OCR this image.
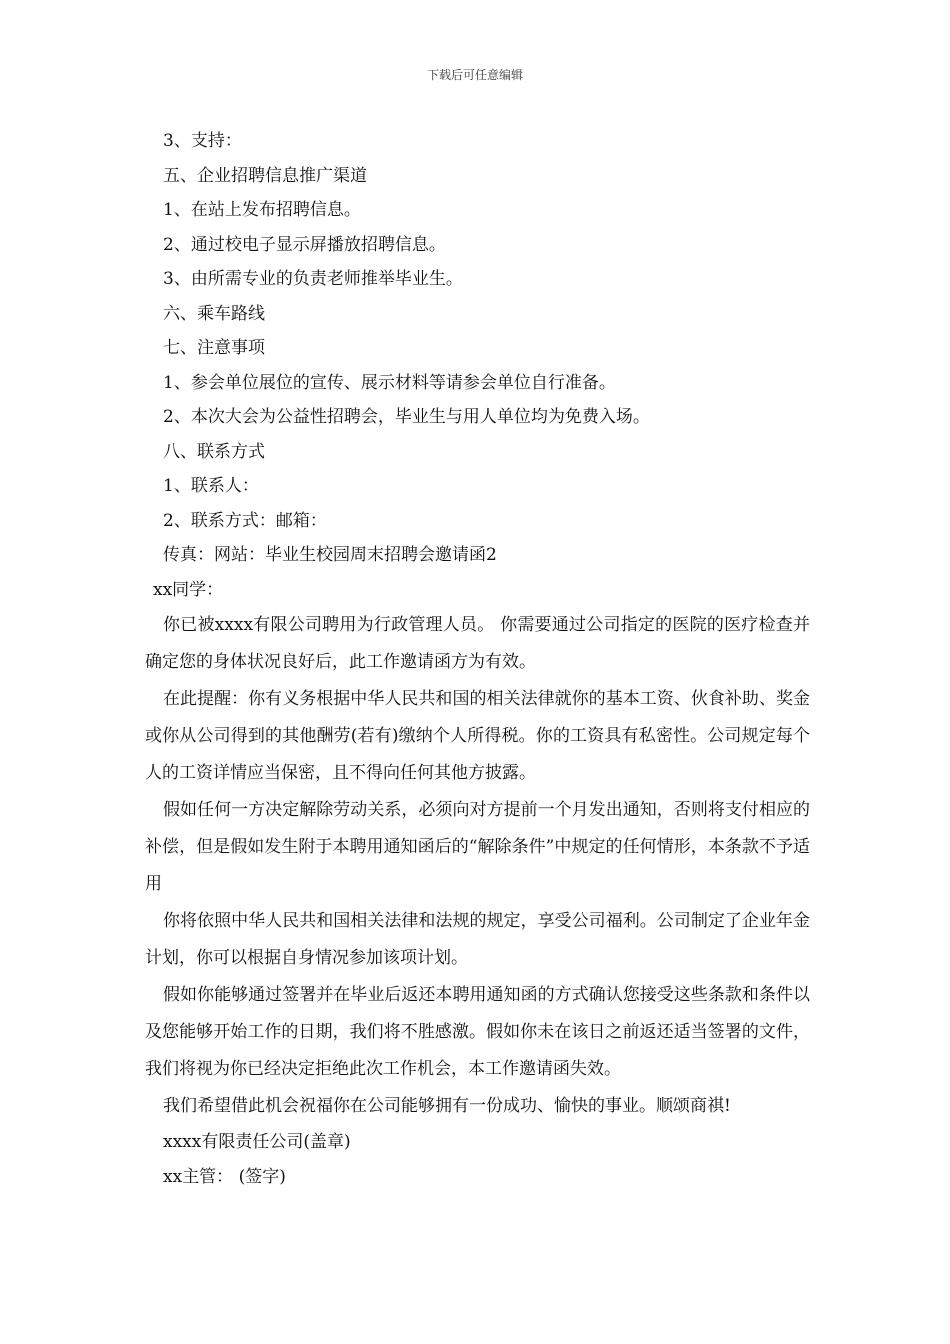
下载后可任意编辑
3、支持：
五、企业招聘信息推广渠道
1、在站上发布招聘信息。
2、通过校电子显示屏播放招聘信息。
3、由所需专业的负责老师推举毕业生。
六、乘车路线
七、注意事项
1、参会单位展位的宣传、展示材料等请参会单位自行准备。
2、本次大会为公益性招聘会，毕业生与用人单位均为免费入场。
八、联系方式
1、联系人：
2、联系方式：邮箱：
传真：网站：毕业生校园周末招聘会邀请函2
xx同学：

你已被xxxx有限公司聘用为行政管理人员。 你需要通过公司指定的医院的医疗检查并确定您的身体状况良好后，此工作邀请函方为有效。

在此提醒：你有义务根据中华人民共和国的相关法律就你的基本工资、伙食补助、奖金或你从公司得到的其他酬劳(若有)缴纳个人所得税。你的工资具有私密性。公司规定每个人的工资详情应当保密，且不得向任何其他方披露。

假如任何一方决定解除劳动关系，必须向对方提前一个月发出通知，否则将支付相应的补偿，但是假如发生附于本聘用通知函后的“解除条件”中规定的任何情形，本条款不予适用

你将依照中华人民共和国相关法律和法规的规定，享受公司福利。公司制定了企业年金计划，你可以根据自身情况参加该项计划。

假如你能够通过签署并在毕业后返还本聘用通知函的方式确认您接受这些条款和条件以及您能够开始工作的日期，我们将不胜感激。假如你未在该日之前返还适当签署的文件，我们将视为你已经决定拒绝此次工作机会，本工作邀请函失效。

我们希望借此机会祝福你在公司能够拥有一份成功、愉快的事业。顺颂商祺!

xxxx有限责任公司(盖章)
xx主管： (签字)
